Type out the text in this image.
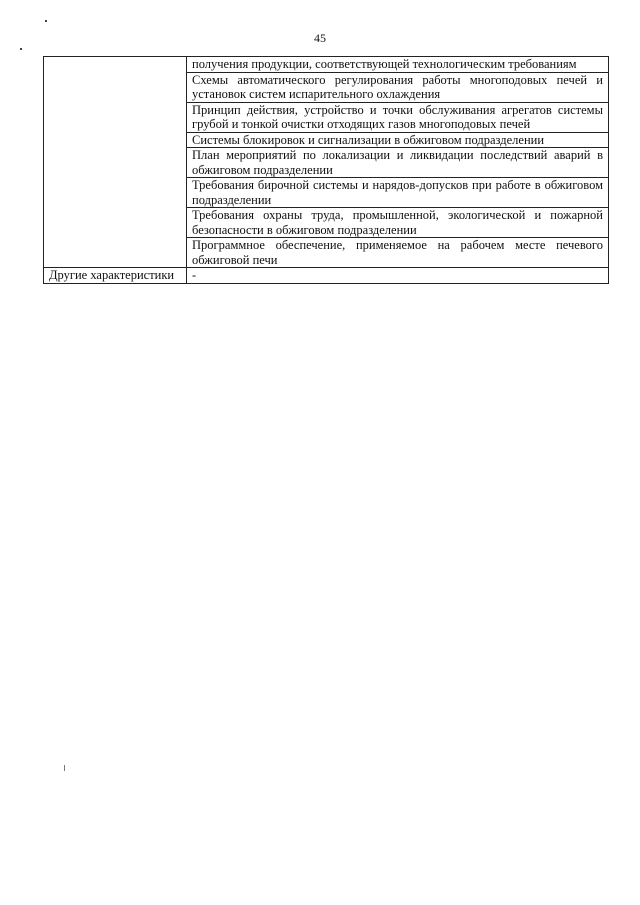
45
	получения продукции, соответствующей технологическим требованиям
	Схемы автоматического регулирования работы многоподовых печей и установок систем испарительного охлаждения
	Принцип действия, устройство и точки обслуживания агрегатов системы грубой и тонкой очистки отходящих газов многоподовых печей
	Системы блокировок и сигнализации в обжиговом подразделении
	План мероприятий по локализации и ликвидации последствий аварий в обжиговом подразделении
	Требования бирочной системы и нарядов-допусков при работе в обжиговом подразделении
	Требования охраны труда, промышленной, экологической и пожарной безопасности в обжиговом подразделении
	Программное обеспечение, применяемое на рабочем месте печевого обжиговой печи
Другие характеристики	-
